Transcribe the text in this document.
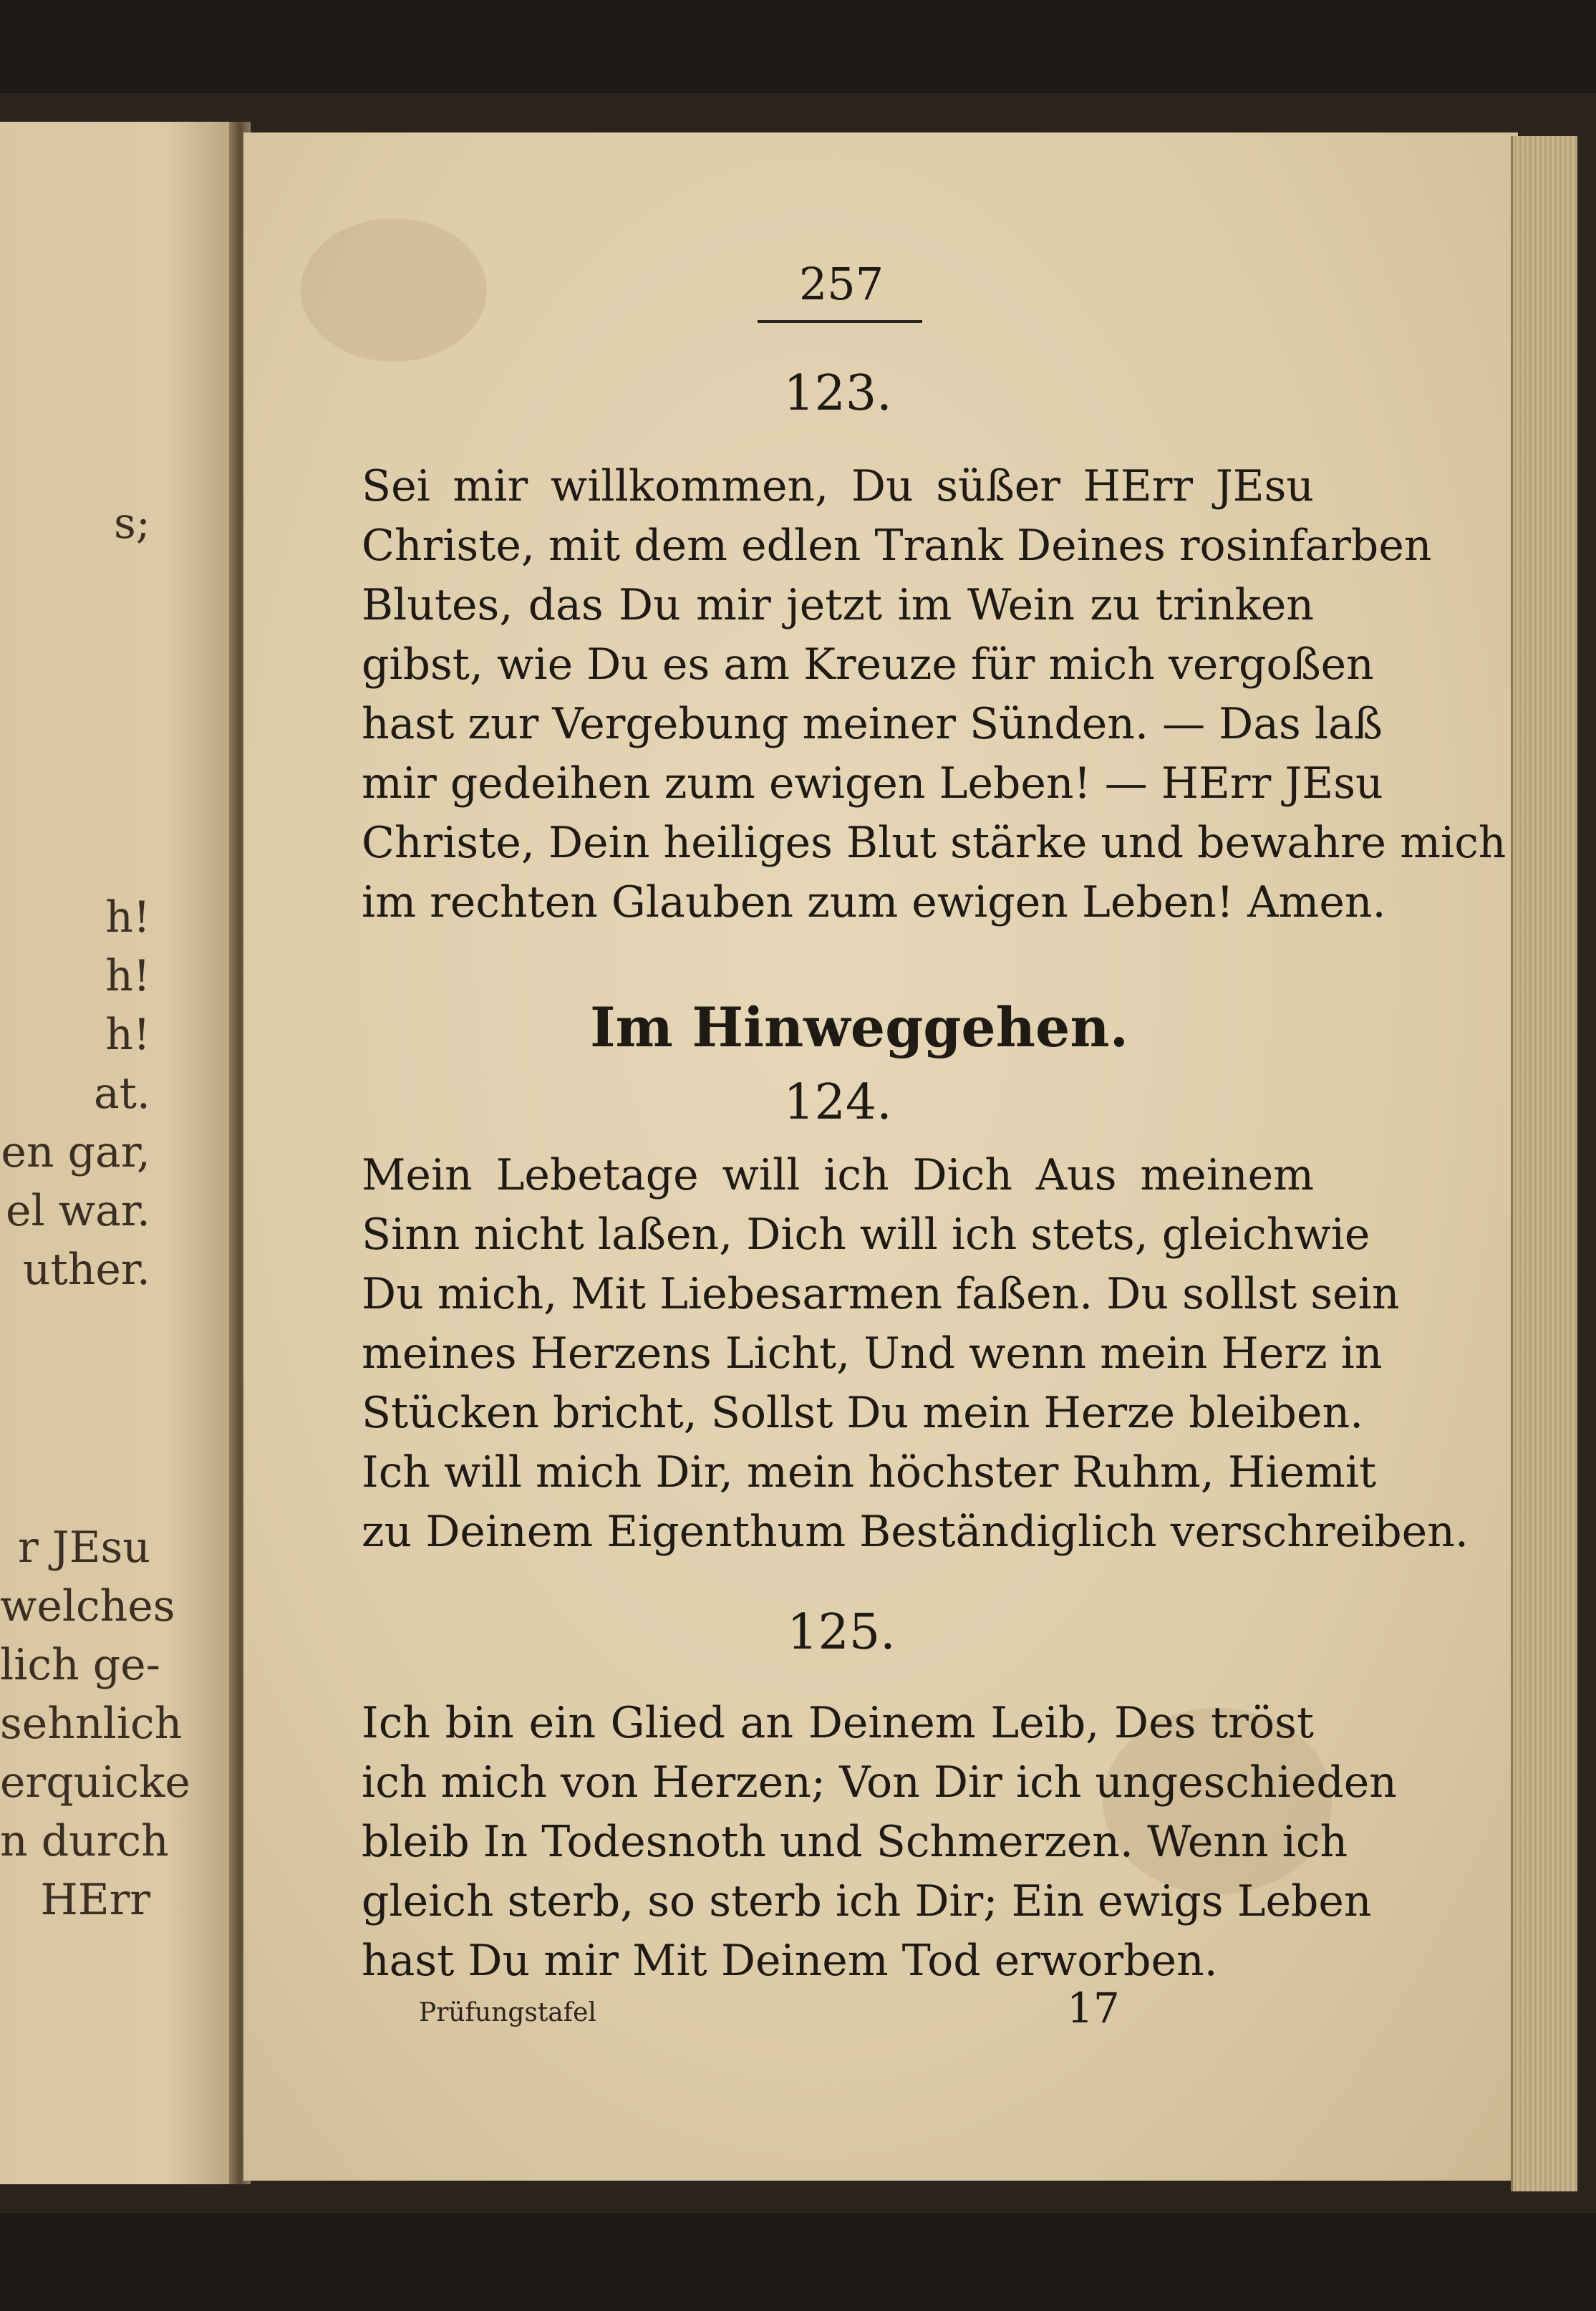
s;
h!
h!
h!
at.
en gar,
el war.
uther.
r JEsu
welches
lich ge-
sehnlich
erquicke
n durch
HErr
257
123.
Sei mir willkommen, Du süßer HErr JEsu
Christe, mit dem edlen Trank Deines rosinfarben
Blutes, das Du mir jetzt im Wein zu trinken
gibst, wie Du es am Kreuze für mich vergoßen
hast zur Vergebung meiner Sünden. — Das laß
mir gedeihen zum ewigen Leben! — HErr JEsu
Christe, Dein heiliges Blut stärke und bewahre mich
im rechten Glauben zum ewigen Leben! Amen.
Im Hinweggehen.
124.
Mein Lebetage will ich Dich Aus meinem
Sinn nicht laßen, Dich will ich stets, gleichwie
Du mich, Mit Liebesarmen faßen. Du sollst sein
meines Herzens Licht, Und wenn mein Herz in
Stücken bricht, Sollst Du mein Herze bleiben.
Ich will mich Dir, mein höchster Ruhm, Hiemit
zu Deinem Eigenthum Beständiglich verschreiben.
125.
Ich bin ein Glied an Deinem Leib, Des tröst
ich mich von Herzen; Von Dir ich ungeschieden
bleib In Todesnoth und Schmerzen. Wenn ich
gleich sterb, so sterb ich Dir; Ein ewigs Leben
hast Du mir Mit Deinem Tod erworben.
Prüfungstafel	17
